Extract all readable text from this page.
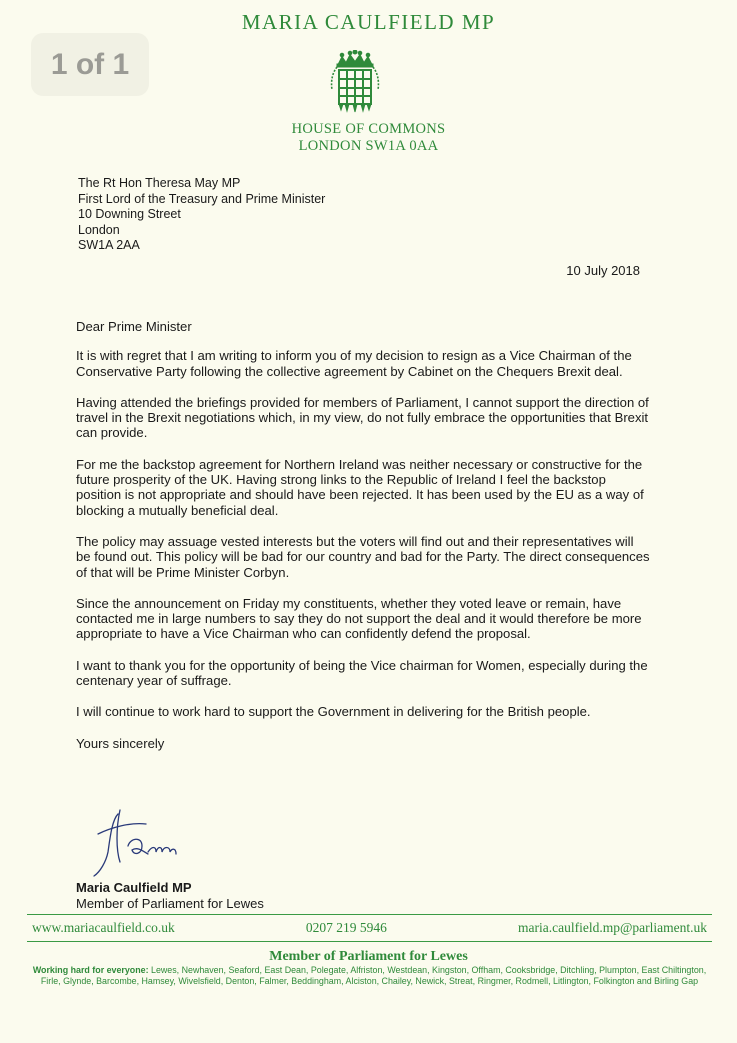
1 of 1
MARIA CAULFIELD MP
HOUSE OF COMMONS
LONDON SW1A 0AA
The Rt Hon Theresa May MP
First Lord of the Treasury and Prime Minister
10 Downing Street
London
SW1A 2AA
10 July 2018

Dear Prime Minister

It is with regret that I am writing to inform you of my decision to resign as a Vice Chairman of the Conservative Party following the collective agreement by Cabinet on the Chequers Brexit deal.

Having attended the briefings provided for members of Parliament, I cannot support the direction of travel in the Brexit negotiations which, in my view, do not fully embrace the opportunities that Brexit can provide.

For me the backstop agreement for Northern Ireland was neither necessary or constructive for the future prosperity of the UK. Having strong links to the Republic of Ireland I feel the backstop position is not appropriate and should have been rejected. It has been used by the EU as a way of blocking a mutually beneficial deal.

The policy may assuage vested interests but the voters will find out and their representatives will be found out. This policy will be bad for our country and bad for the Party. The direct consequences of that will be Prime Minister Corbyn.

Since the announcement on Friday my constituents, whether they voted leave or remain, have contacted me in large numbers to say they do not support the deal and it would therefore be more appropriate to have a Vice Chairman who can confidently defend the proposal.

I want to thank you for the opportunity of being the Vice chairman for Women, especially during the centenary year of suffrage.

I will continue to work hard to support the Government in delivering for the British people.

Yours sincerely

Maria Caulfield MP
Member of Parliament for Lewes
www.mariacaulfield.co.uk	0207 219 5946	maria.caulfield.mp@parliament.uk
Member of Parliament for Lewes
Working hard for everyone: Lewes, Newhaven, Seaford, East Dean, Polegate, Alfriston, Westdean, Kingston, Offham, Cooksbridge, Ditchling, Plumpton, East Chiltington, Firle, Glynde, Barcombe, Hamsey, Wivelsfield, Denton, Falmer, Beddingham, Alciston, Chailey, Newick, Streat, Ringmer, Rodmell, Litlington, Folkington and Birling Gap
